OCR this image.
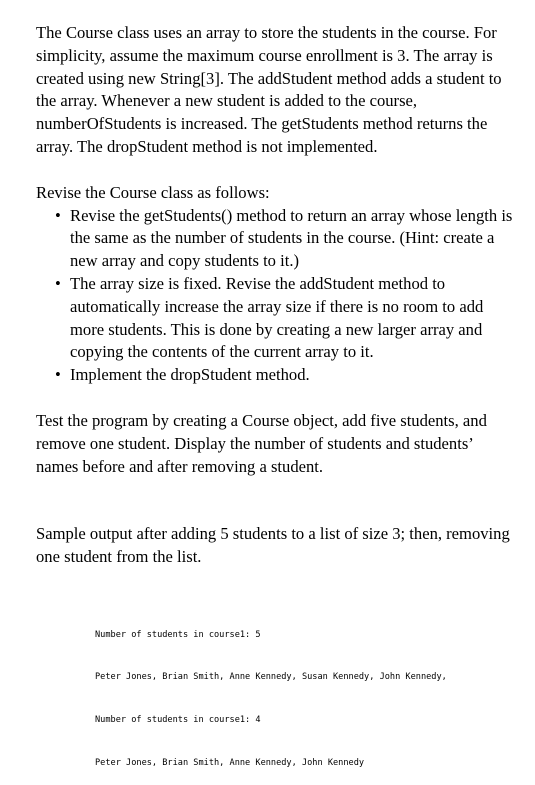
The Course class uses an array to store the students in the course. For simplicity, assume the maximum course enrollment is 3. The array is created using new String[3]. The addStudent method adds a student to the array. Whenever a new student is added to the course, numberOfStudents is increased. The getStudents method returns the array. The dropStudent method is not implemented.

Revise the Course class as follows:

• Revise the getStudents() method to return an array whose length is the same as the number of students in the course. (Hint: create a new array and copy students to it.)
• The array size is fixed. Revise the addStudent method to automatically increase the array size if there is no room to add more students. This is done by creating a new larger array and copying the contents of the current array to it.
• Implement the dropStudent method.

Test the program by creating a Course object, add five students, and remove one student. Display the number of students and students’ names before and after removing a student.

Sample output after adding 5 students to a list of size 3; then, removing one student from the list.

Number of students in course1: 5

Peter Jones, Brian Smith, Anne Kennedy, Susan Kennedy, John Kennedy,

Number of students in course1: 4

Peter Jones, Brian Smith, Anne Kennedy, John Kennedy
